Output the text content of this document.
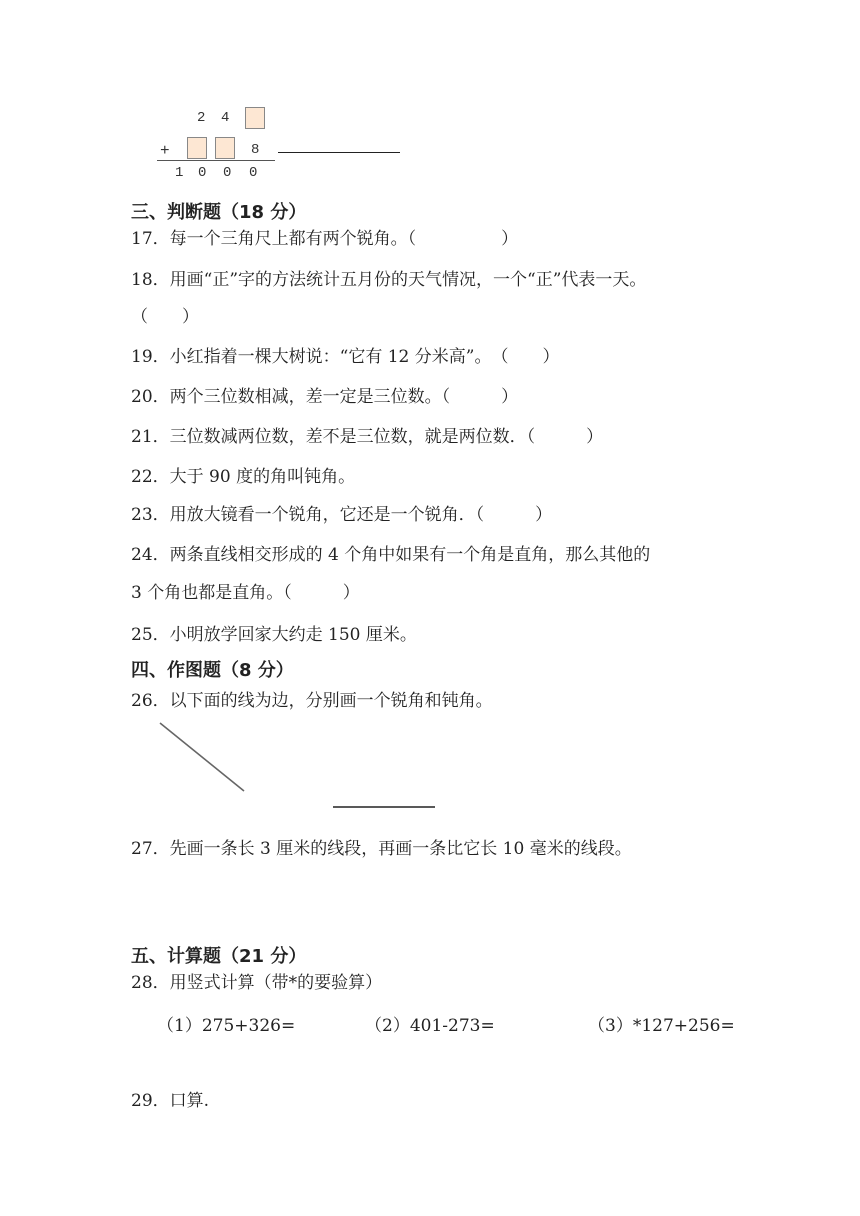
2 4
+	8
1 0 0 0
三、判断题（18 分）
17．每一个三角尺上都有两个锐角。（　　　　　）
18．用画“正”字的方法统计五月份的天气情况，一个“正”代表一天。
（　　）
19．小红指着一棵大树说：“它有 12 分米高”。　（　　）
20．两个三位数相减，差一定是三位数。（　　　）
21．三位数减两位数，差不是三位数，就是两位数．（　　　）
22．大于 90 度的角叫钝角。
23．用放大镜看一个锐角，它还是一个锐角．（　　　）
24．两条直线相交形成的 4 个角中如果有一个角是直角，那么其他的
3 个角也都是直角。（　　　）
25．小明放学回家大约走 150 厘米。
四、作图题（8 分）
26．以下面的线为边，分别画一个锐角和钝角。
27．先画一条长 3 厘米的线段，再画一条比它长 10 毫米的线段。
五、计算题（21 分）
28．用竖式计算（带*的要验算）
（1）275+326=	（2）401-273=	（3）*127+256=
29．口算.
